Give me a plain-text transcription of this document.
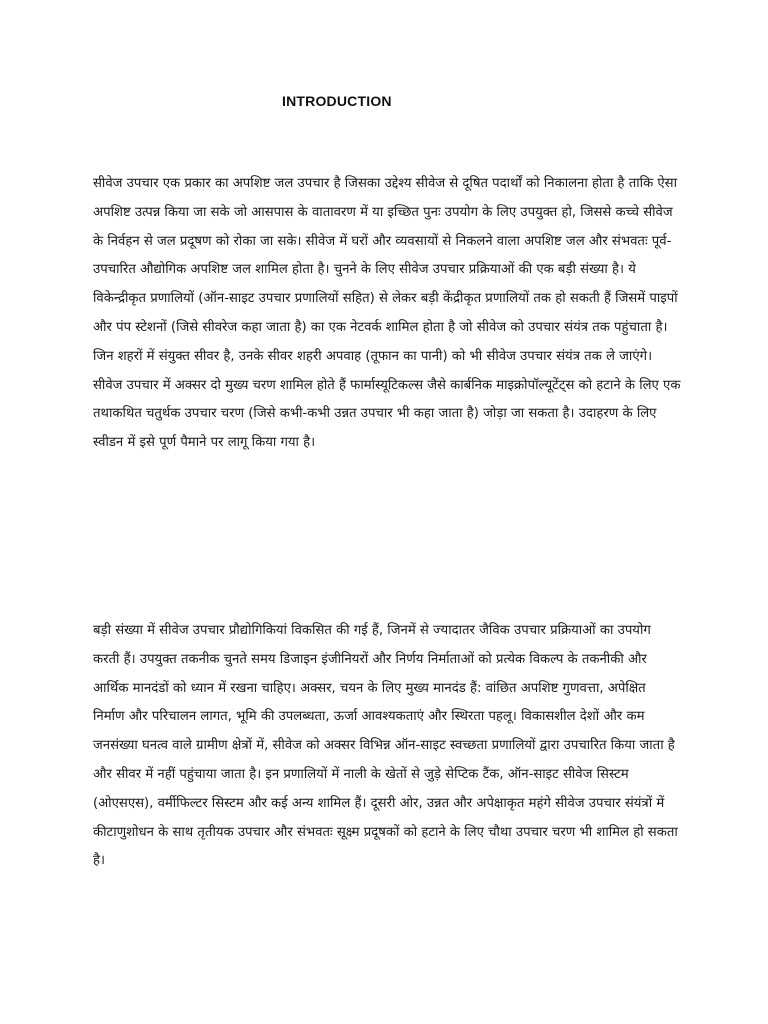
INTRODUCTION

सीवेज उपचार एक प्रकार का अपशिष्ट जल उपचार है जिसका उद्देश्य सीवेज से दूषित पदार्थों को निकालना होता है ताकि ऐसा अपशिष्ट उत्पन्न किया जा सके जो आसपास के वातावरण में या इच्छित पुनः उपयोग के लिए उपयुक्त हो, जिससे कच्चे सीवेज के निर्वहन से जल प्रदूषण को रोका जा सके। सीवेज में घरों और व्यवसायों से निकलने वाला अपशिष्ट जल और संभवतः पूर्व-उपचारित औद्योगिक अपशिष्ट जल शामिल होता है। चुनने के लिए सीवेज उपचार प्रक्रियाओं की एक बड़ी संख्या है। ये विकेन्द्रीकृत प्रणालियों (ऑन-साइट उपचार प्रणालियों सहित) से लेकर बड़ी केंद्रीकृत प्रणालियों तक हो सकती हैं जिसमें पाइपों और पंप स्टेशनों (जिसे सीवरेज कहा जाता है) का एक नेटवर्क शामिल होता है जो सीवेज को उपचार संयंत्र तक पहुंचाता है। जिन शहरों में संयुक्त सीवर है, उनके सीवर शहरी अपवाह (तूफान का पानी) को भी सीवेज उपचार संयंत्र तक ले जाएंगे। सीवेज उपचार में अक्सर दो मुख्य चरण शामिल होते हैं फार्मास्यूटिकल्स जैसे कार्बनिक माइक्रोपॉल्यूटेंट्स को हटाने के लिए एक तथाकथित चतुर्थक उपचार चरण (जिसे कभी-कभी उन्नत उपचार भी कहा जाता है) जोड़ा जा सकता है। उदाहरण के लिए स्वीडन में इसे पूर्ण पैमाने पर लागू किया गया है।

बड़ी संख्या में सीवेज उपचार प्रौद्योगिकियां विकसित की गई हैं, जिनमें से ज्यादातर जैविक उपचार प्रक्रियाओं का उपयोग करती हैं। उपयुक्त तकनीक चुनते समय डिजाइन इंजीनियरों और निर्णय निर्माताओं को प्रत्येक विकल्प के तकनीकी और आर्थिक मानदंडों को ध्यान में रखना चाहिए। अक्सर, चयन के लिए मुख्य मानदंड हैं: वांछित अपशिष्ट गुणवत्ता, अपेक्षित निर्माण और परिचालन लागत, भूमि की उपलब्धता, ऊर्जा आवश्यकताएं और स्थिरता पहलू। विकासशील देशों और कम जनसंख्या घनत्व वाले ग्रामीण क्षेत्रों में, सीवेज को अक्सर विभिन्न ऑन-साइट स्वच्छता प्रणालियों द्वारा उपचारित किया जाता है और सीवर में नहीं पहुंचाया जाता है। इन प्रणालियों में नाली के खेतों से जुड़े सेप्टिक टैंक, ऑन-साइट सीवेज सिस्टम (ओएसएस), वर्मीफिल्टर सिस्टम और कई अन्य शामिल हैं। दूसरी ओर, उन्नत और अपेक्षाकृत महंगे सीवेज उपचार संयंत्रों में कीटाणुशोधन के साथ तृतीयक उपचार और संभवतः सूक्ष्म प्रदूषकों को हटाने के लिए चौथा उपचार चरण भी शामिल हो सकता है।
